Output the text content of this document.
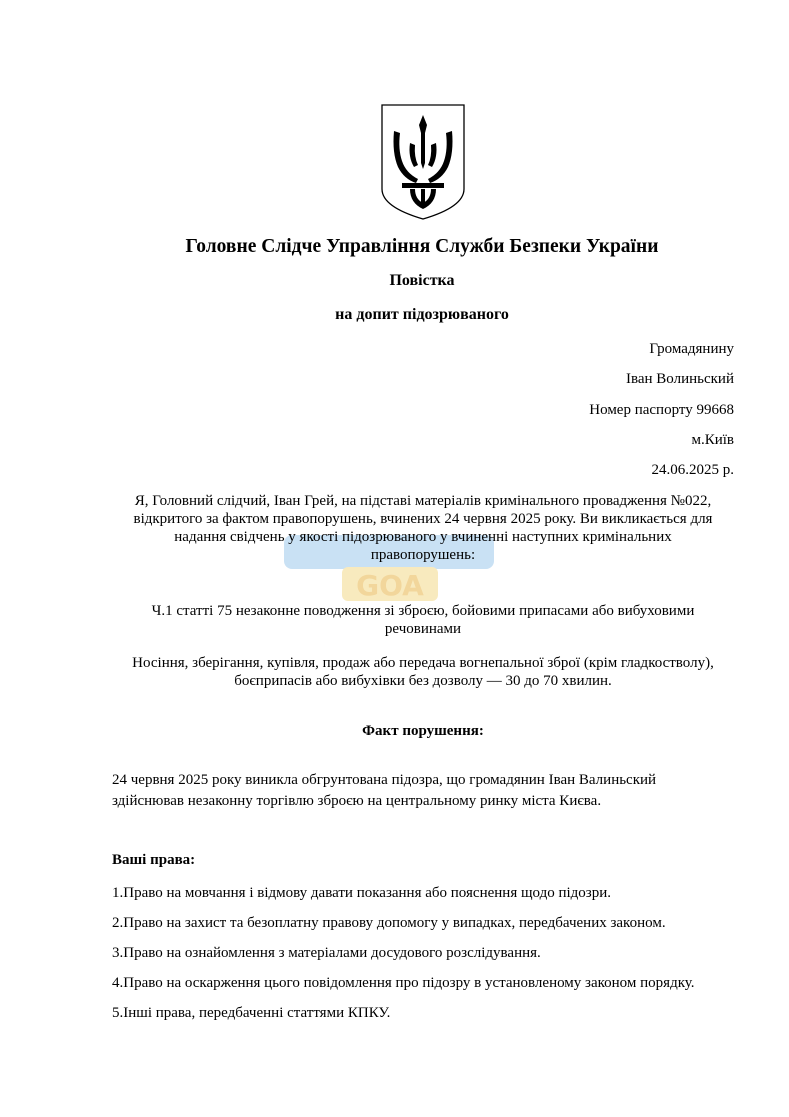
Головне Слідче Управління Служби Безпеки України
Повістка
на допит підозрюваного
Громадянину
Іван Волиньский
Номер паспорту 99668
м.Київ
24.06.2025 р.
GOA
Я, Головний слідчий, Іван Грей, на підставі матеріалів кримінального провадження №022,
відкритого за фактом правопорушень, вчинених 24 червня 2025 року. Ви викликається для
надання свідчень у якості підозрюваного у вчиненні наступних кримінальних
правопорушень:
Ч.1 статті 75 незаконне поводження зі зброєю, бойовими припасами або вибуховими
речовинами
Носіння, зберігання, купівля, продаж або передача вогнепальної зброї (крім гладкостволу),
боєприпасів або вибухівки без дозволу — 30 до 70 хвилин.
Факт порушення:
24 червня 2025 року виникла обгрунтована підозра, що громадянин Іван Валиньский
здійснював незаконну торгівлю зброєю на центральному ринку міста Києва.
Ваші права:
1.Право на мовчання і відмову давати показання або пояснення щодо підозри.
2.Право на захист та безоплатну правову допомогу у випадках, передбачених законом.
3.Право на ознайомлення з матеріалами досудового розслідування.
4.Право на оскарження цього повідомлення про підозру в установленому законом порядку.
5.Інші права, передбаченні статтями КПКУ.
